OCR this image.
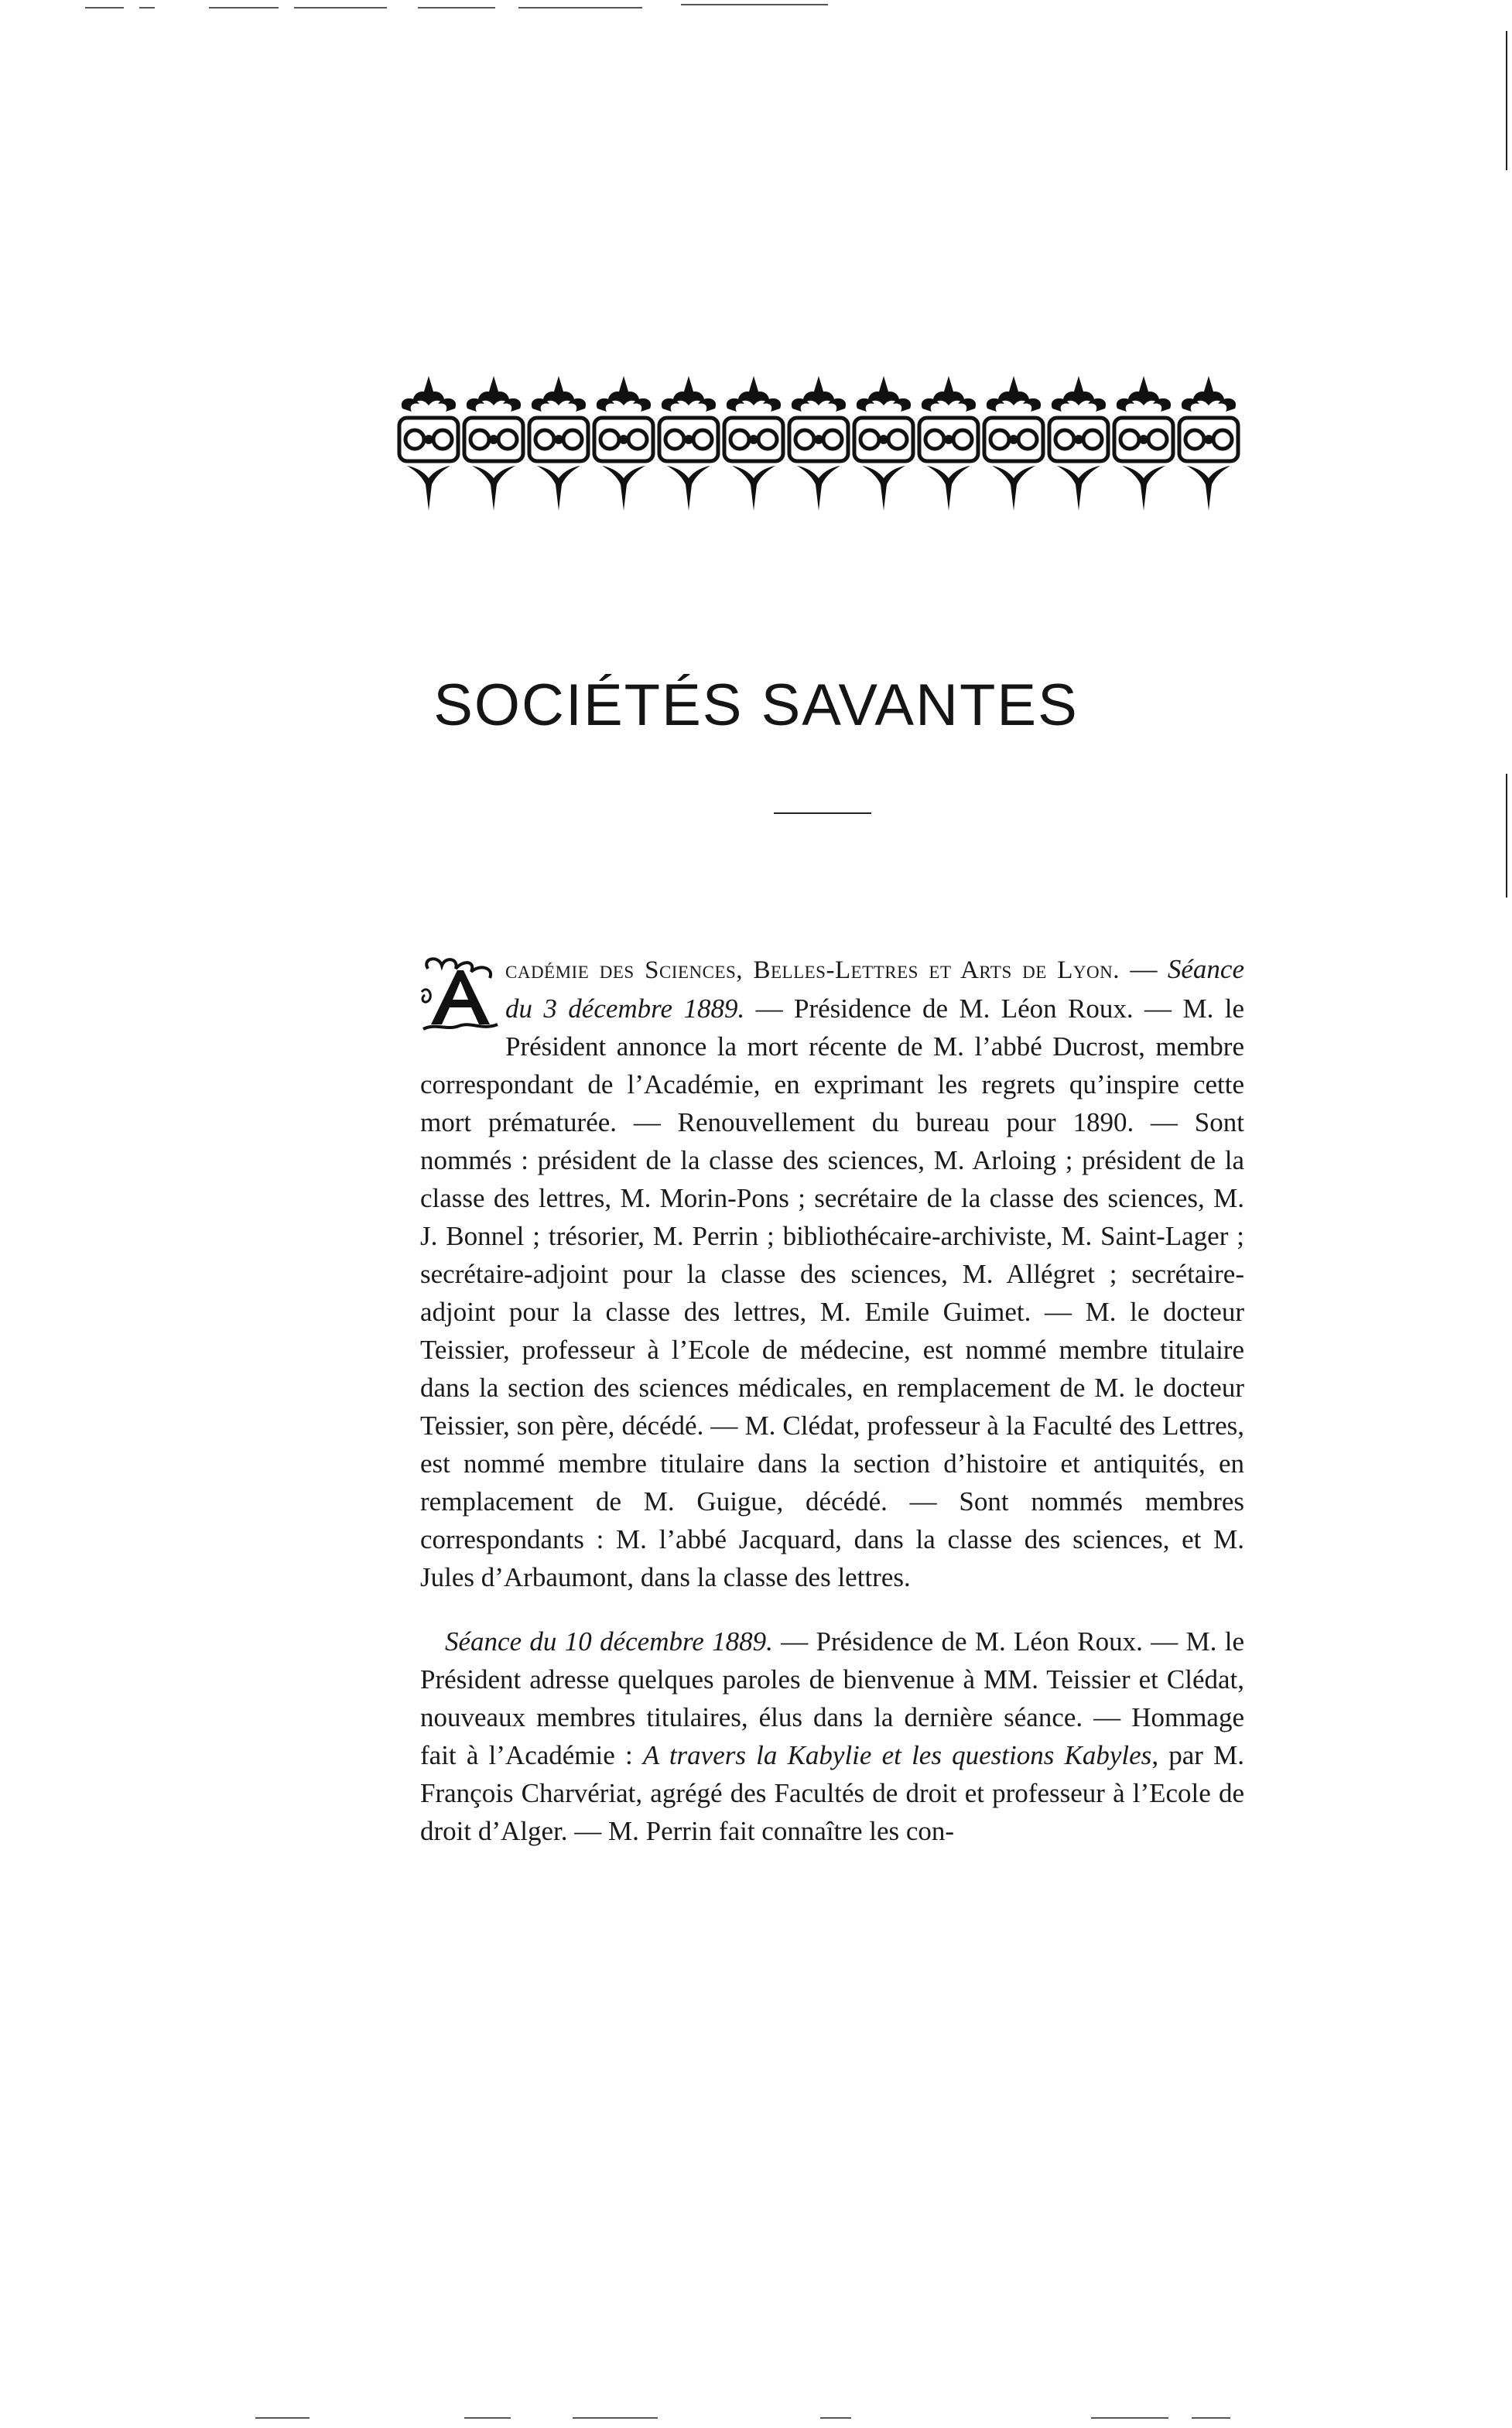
SOCIÉTÉS SAVANTES

cadémie des Sciences, Belles-Lettres et Arts de Lyon. — Séance du 3 décembre 1889. — Présidence de M. Léon Roux. — M. le Président annonce la mort récente de M. l’abbé Ducrost, membre correspondant de l’Académie, en exprimant les regrets qu’inspire cette mort prématurée. — Renouvellement du bureau pour 1890. — Sont nommés : président de la classe des sciences, M. Arloing ; président de la classe des lettres, M. Morin-Pons ; secrétaire de la classe des sciences, M. J. Bonnel ; trésorier, M. Perrin ; bibliothécaire-archiviste, M. Saint-Lager ; secrétaire-adjoint pour la classe des sciences, M. Allégret ; secrétaire-adjoint pour la classe des lettres, M. Emile Guimet. — M. le docteur Teissier, professeur à l’Ecole de médecine, est nommé membre titulaire dans la section des sciences médicales, en remplacement de M. le docteur Teissier, son père, décédé. — M. Clédat, professeur à la Faculté des Lettres, est nommé membre titulaire dans la section d’histoire et antiquités, en remplacement de M. Guigue, décédé. — Sont nommés membres correspondants : M. l’abbé Jacquard, dans la classe des sciences, et M. Jules d’Arbaumont, dans la classe des lettres.

Séance du 10 décembre 1889. — Présidence de M. Léon Roux. — M. le Président adresse quelques paroles de bienvenue à MM. Teissier et Clédat, nouveaux membres titulaires, élus dans la dernière séance. — Hommage fait à l’Académie : A travers la Kabylie et les questions Kabyles, par M. François Charvériat, agrégé des Facultés de droit et professeur à l’Ecole de droit d’Alger. — M. Perrin fait connaître les con-
